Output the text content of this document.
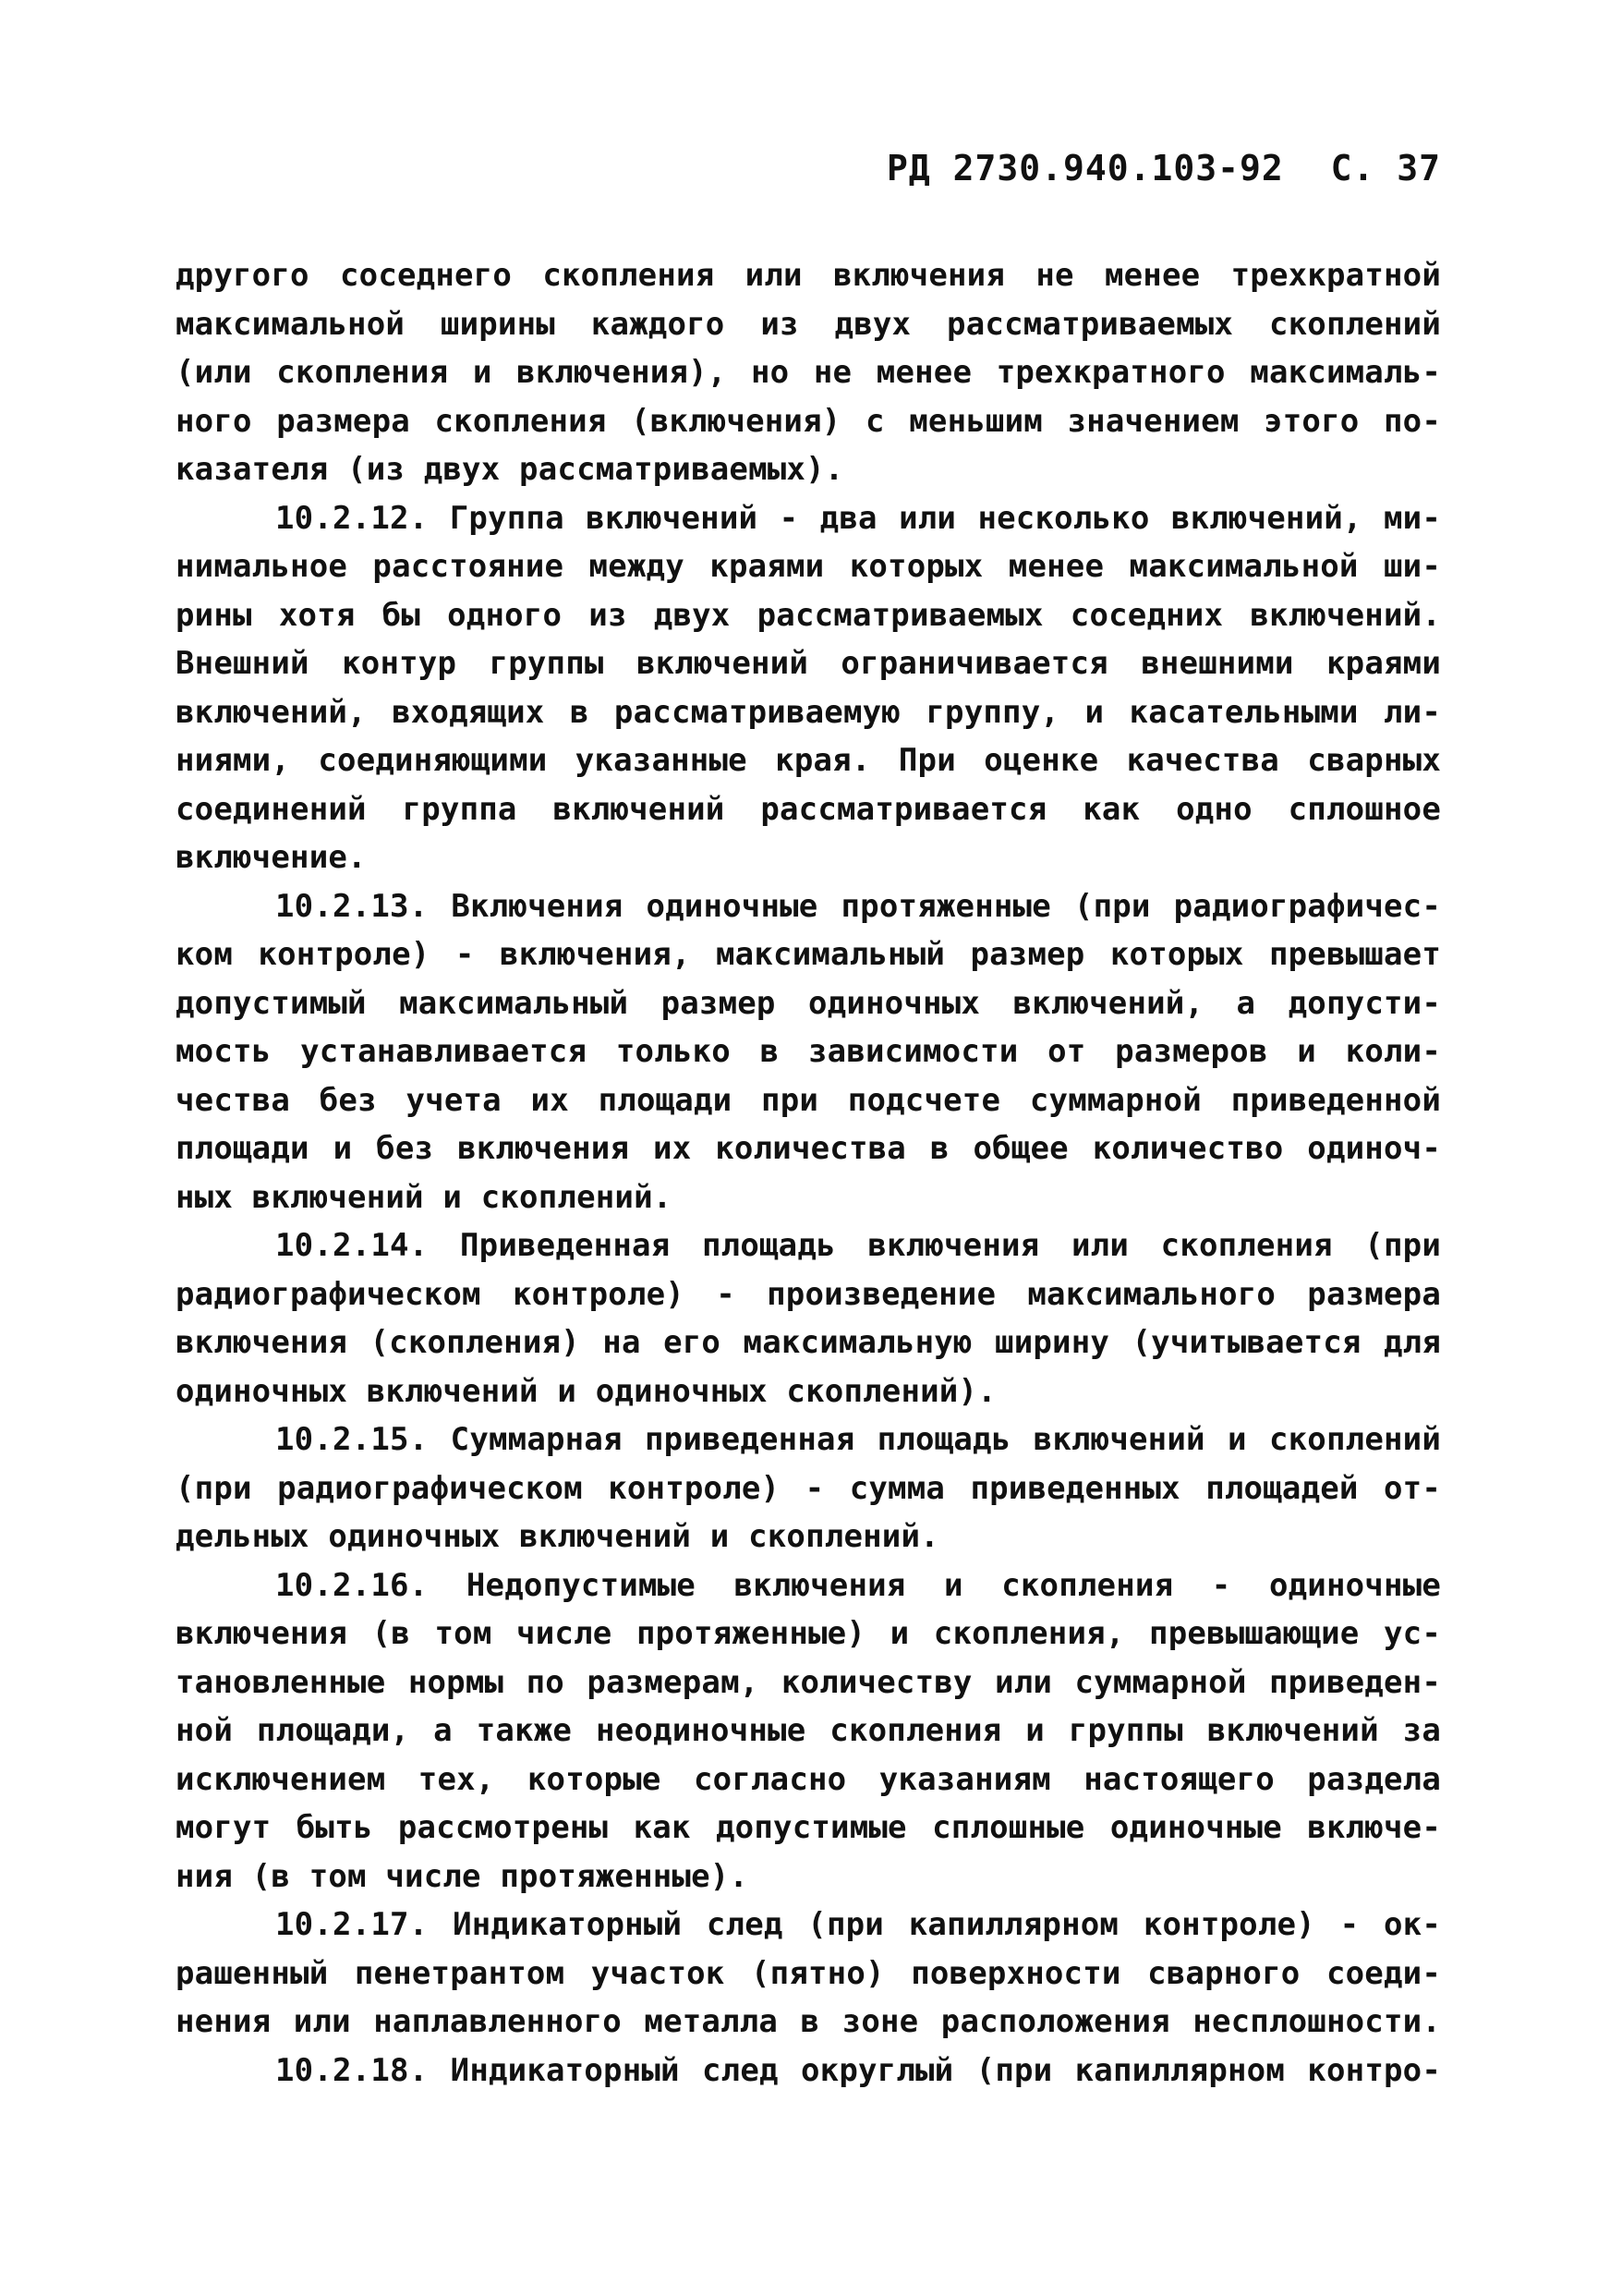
РД 2730.940.103-92 С. 37
другого соседнего скопления или включения не менее трехкратной
максимальной ширины каждого из двух рассматриваемых скоплений
(или скопления и включения), но не менее трехкратного максималь-
ного размера скопления (включения) с меньшим значением этого по-
казателя (из двух рассматриваемых).
10.2.12. Группа включений - два или несколько включений, ми-
нимальное расстояние между краями которых менее максимальной ши-
рины хотя бы одного из двух рассматриваемых соседних включений.
Внешний контур группы включений ограничивается внешними краями
включений, входящих в рассматриваемую группу, и касательными ли-
ниями, соединяющими указанные края. При оценке качества сварных
соединений группа включений рассматривается как одно сплошное
включение.
10.2.13. Включения одиночные протяженные (при радиографичес-
ком контроле) - включения, максимальный размер которых превышает
допустимый максимальный размер одиночных включений, а допусти-
мость устанавливается только в зависимости от размеров и коли-
чества без учета их площади при подсчете суммарной приведенной
площади и без включения их количества в общее количество одиноч-
ных включений и скоплений.
10.2.14. Приведенная площадь включения или скопления (при
радиографическом контроле) - произведение максимального размера
включения (скопления) на его максимальную ширину (учитывается для
одиночных включений и одиночных скоплений).
10.2.15. Суммарная приведенная площадь включений и скоплений
(при радиографическом контроле) - сумма приведенных площадей от-
дельных одиночных включений и скоплений.
10.2.16. Недопустимые включения и скопления - одиночные
включения (в том числе протяженные) и скопления, превышающие ус-
тановленные нормы по размерам, количеству или суммарной приведен-
ной площади, а также неодиночные скопления и группы включений за
исключением тех, которые согласно указаниям настоящего раздела
могут быть рассмотрены как допустимые сплошные одиночные включе-
ния (в том числе протяженные).
10.2.17. Индикаторный след (при капиллярном контроле) - ок-
рашенный пенетрантом участок (пятно) поверхности сварного соеди-
нения или наплавленного металла в зоне расположения несплошности.
10.2.18. Индикаторный след округлый (при капиллярном контро-
